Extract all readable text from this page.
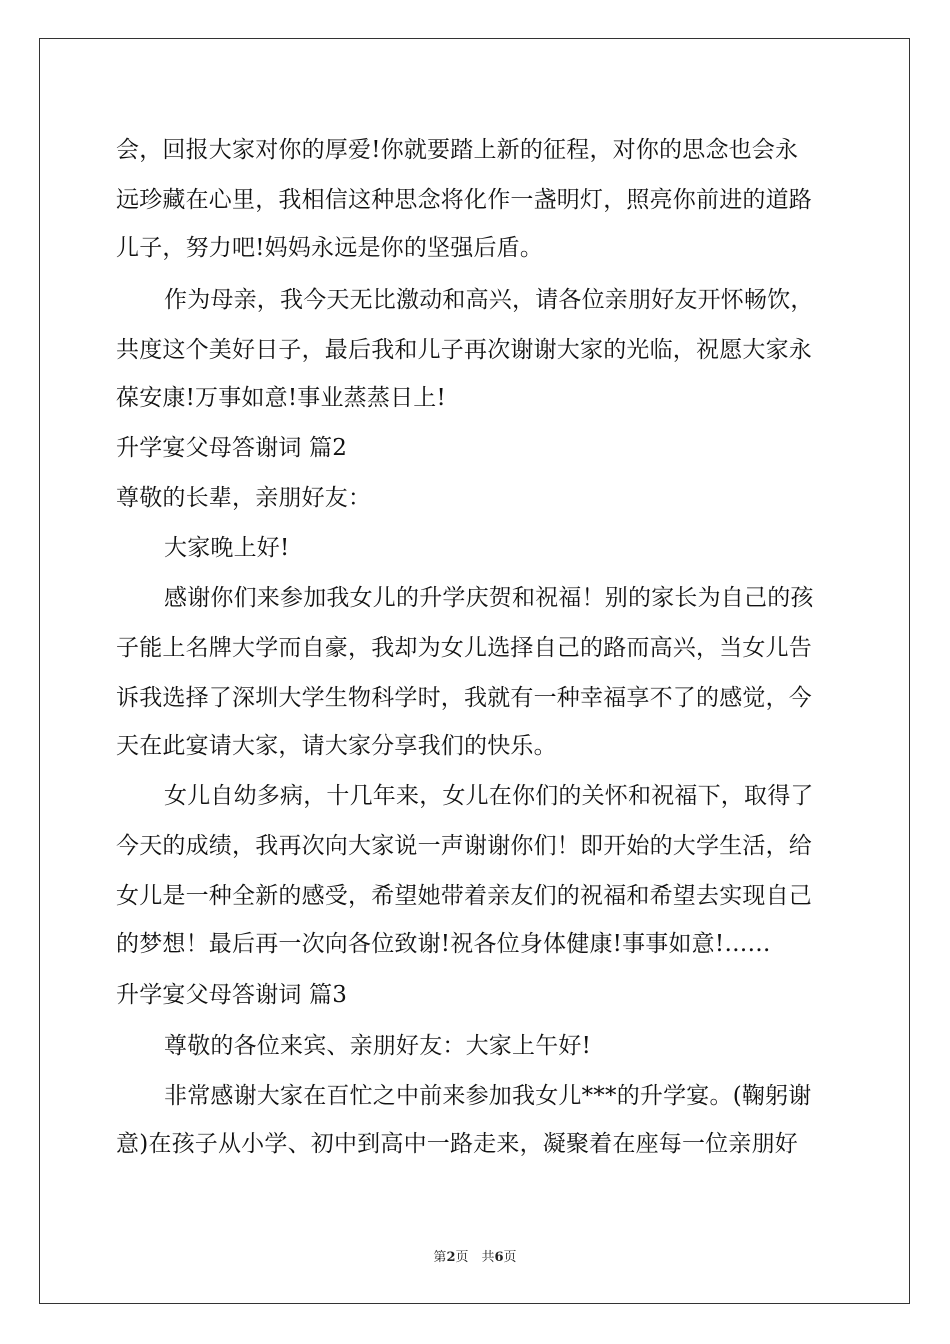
会，回报大家对你的厚爱!你就要踏上新的征程，对你的思念也会永
远珍藏在心里，我相信这种思念将化作一盏明灯，照亮你前进的道路
儿子，努力吧!妈妈永远是你的坚强后盾。
作为母亲，我今天无比激动和高兴，请各位亲朋好友开怀畅饮，
共度这个美好日子，最后我和儿子再次谢谢大家的光临，祝愿大家永
葆安康!万事如意!事业蒸蒸日上!
升学宴父母答谢词 篇2
尊敬的长辈，亲朋好友：
大家晚上好!
感谢你们来参加我女儿的升学庆贺和祝福！别的家长为自己的孩
子能上名牌大学而自豪，我却为女儿选择自己的路而高兴，当女儿告
诉我选择了深圳大学生物科学时，我就有一种幸福享不了的感觉，今
天在此宴请大家，请大家分享我们的快乐。
女儿自幼多病，十几年来，女儿在你们的关怀和祝福下，取得了
今天的成绩，我再次向大家说一声谢谢你们！即开始的大学生活，给
女儿是一种全新的感受，希望她带着亲友们的祝福和希望去实现自己
的梦想！最后再一次向各位致谢!祝各位身体健康!事事如意!……
升学宴父母答谢词 篇3
尊敬的各位来宾、亲朋好友：大家上午好!
非常感谢大家在百忙之中前来参加我女儿***的升学宴。(鞠躬谢
意)在孩子从小学、初中到高中一路走来，凝聚着在座每一位亲朋好
第2页　共6页
